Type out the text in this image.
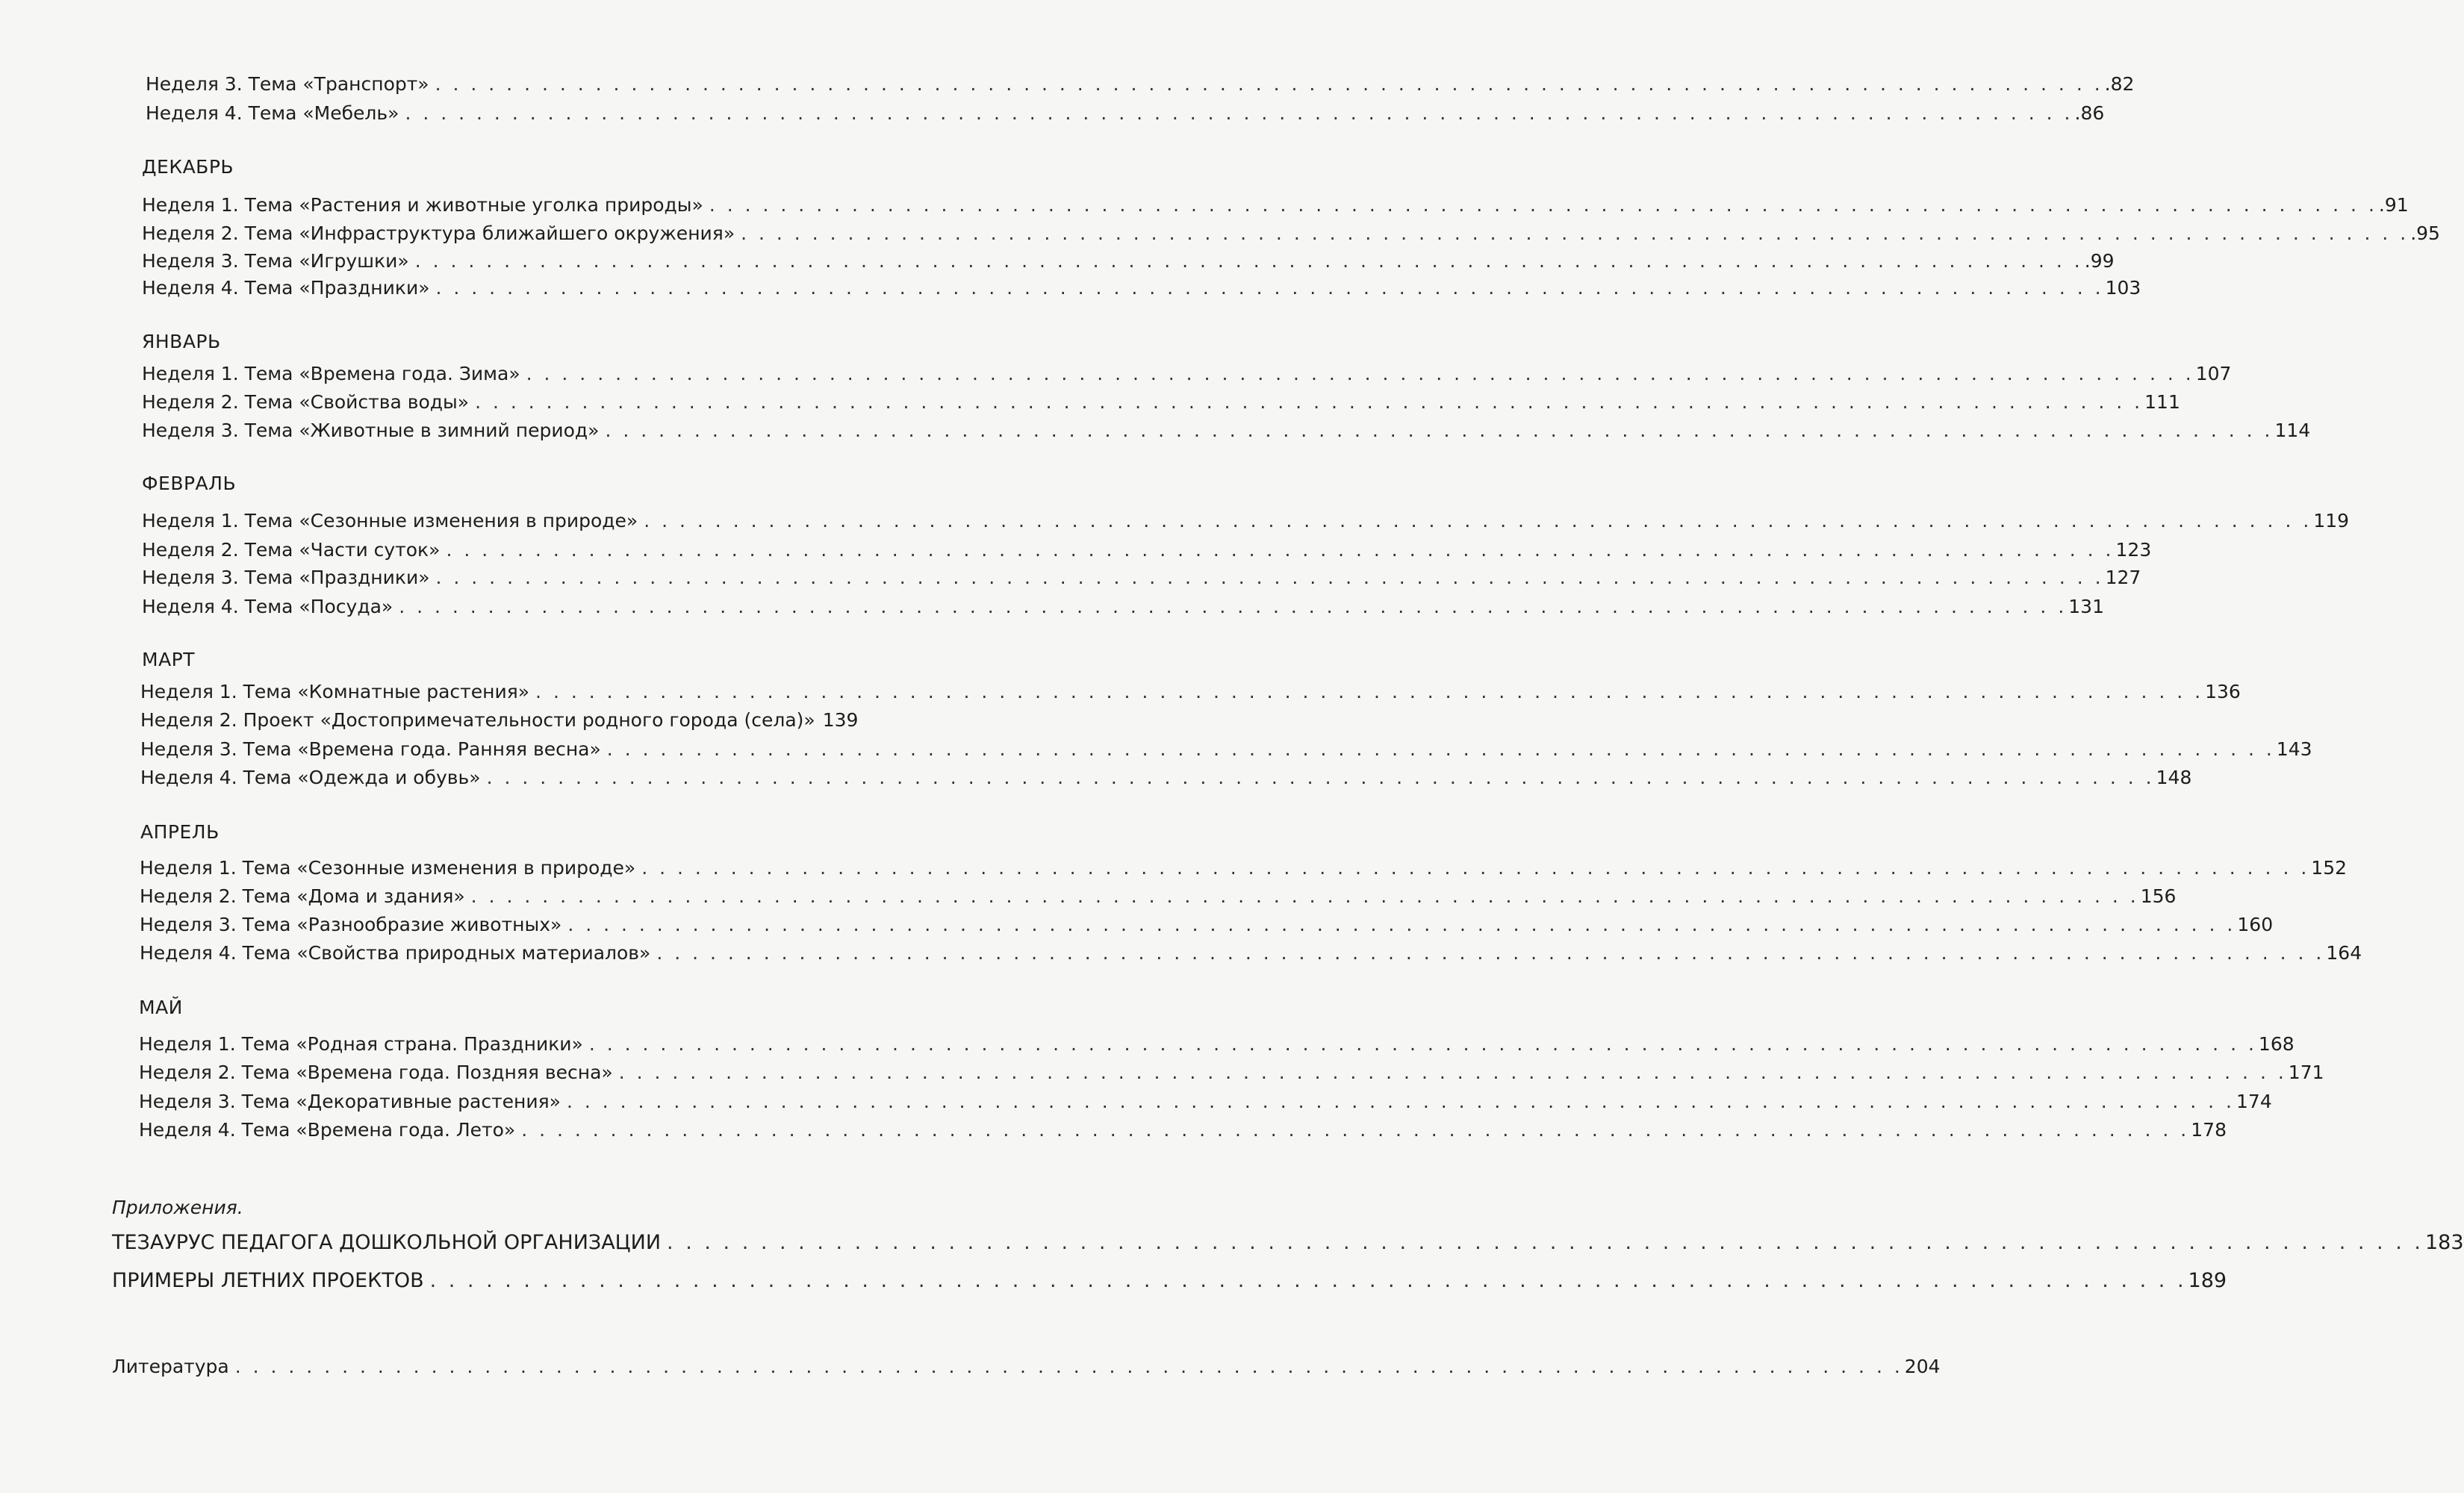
Неделя 3. Тема «Транспорт» . . .	.82
Неделя 4. Тема «Мебель» . . .	.86
ДЕКАБРЬ
Неделя 1. Тема «Растения и животные уголка природы» . . .	.91
Неделя 2. Тема «Инфраструктура ближайшего окружения» . . .	.95
Неделя 3. Тема «Игрушки» . . .	.99
Неделя 4. Тема «Праздники» . . .	103
ЯНВАРЬ
Неделя 1. Тема «Времена года. Зима» . . .	107
Неделя 2. Тема «Свойства воды» . . .	111
Неделя 3. Тема «Животные в зимний период» . . .	114
ФЕВРАЛЬ
Неделя 1. Тема «Сезонные изменения в природе» . . .	119
Неделя 2. Тема «Части суток» . . .	123
Неделя 3. Тема «Праздники» . . .	127
Неделя 4. Тема «Посуда» . . .	131
МАРТ
Неделя 1. Тема «Комнатные растения» . . .	136
Неделя 2. Проект «Достопримечательности родного города (села)» 139
Неделя 3. Тема «Времена года. Ранняя весна» . . .	143
Неделя 4. Тема «Одежда и обувь» . . .	148
АПРЕЛЬ
Неделя 1. Тема «Сезонные изменения в природе» . . .	152
Неделя 2. Тема «Дома и здания» . . .	156
Неделя 3. Тема «Разнообразие животных» . . .	160
Неделя 4. Тема «Свойства природных материалов» . . .	164
МАЙ
Неделя 1. Тема «Родная страна. Праздники» . . .	168
Неделя 2. Тема «Времена года. Поздняя весна» . . .	171
Неделя 3. Тема «Декоративные растения» . . .	174
Неделя 4. Тема «Времена года. Лето» . . .	178
Приложения.
ТЕЗАУРУС ПЕДАГОГА ДОШКОЛЬНОЙ ОРГАНИЗАЦИИ . . .	183
ПРИМЕРЫ ЛЕТНИХ ПРОЕКТОВ . . .	189
Литература . . .	204
